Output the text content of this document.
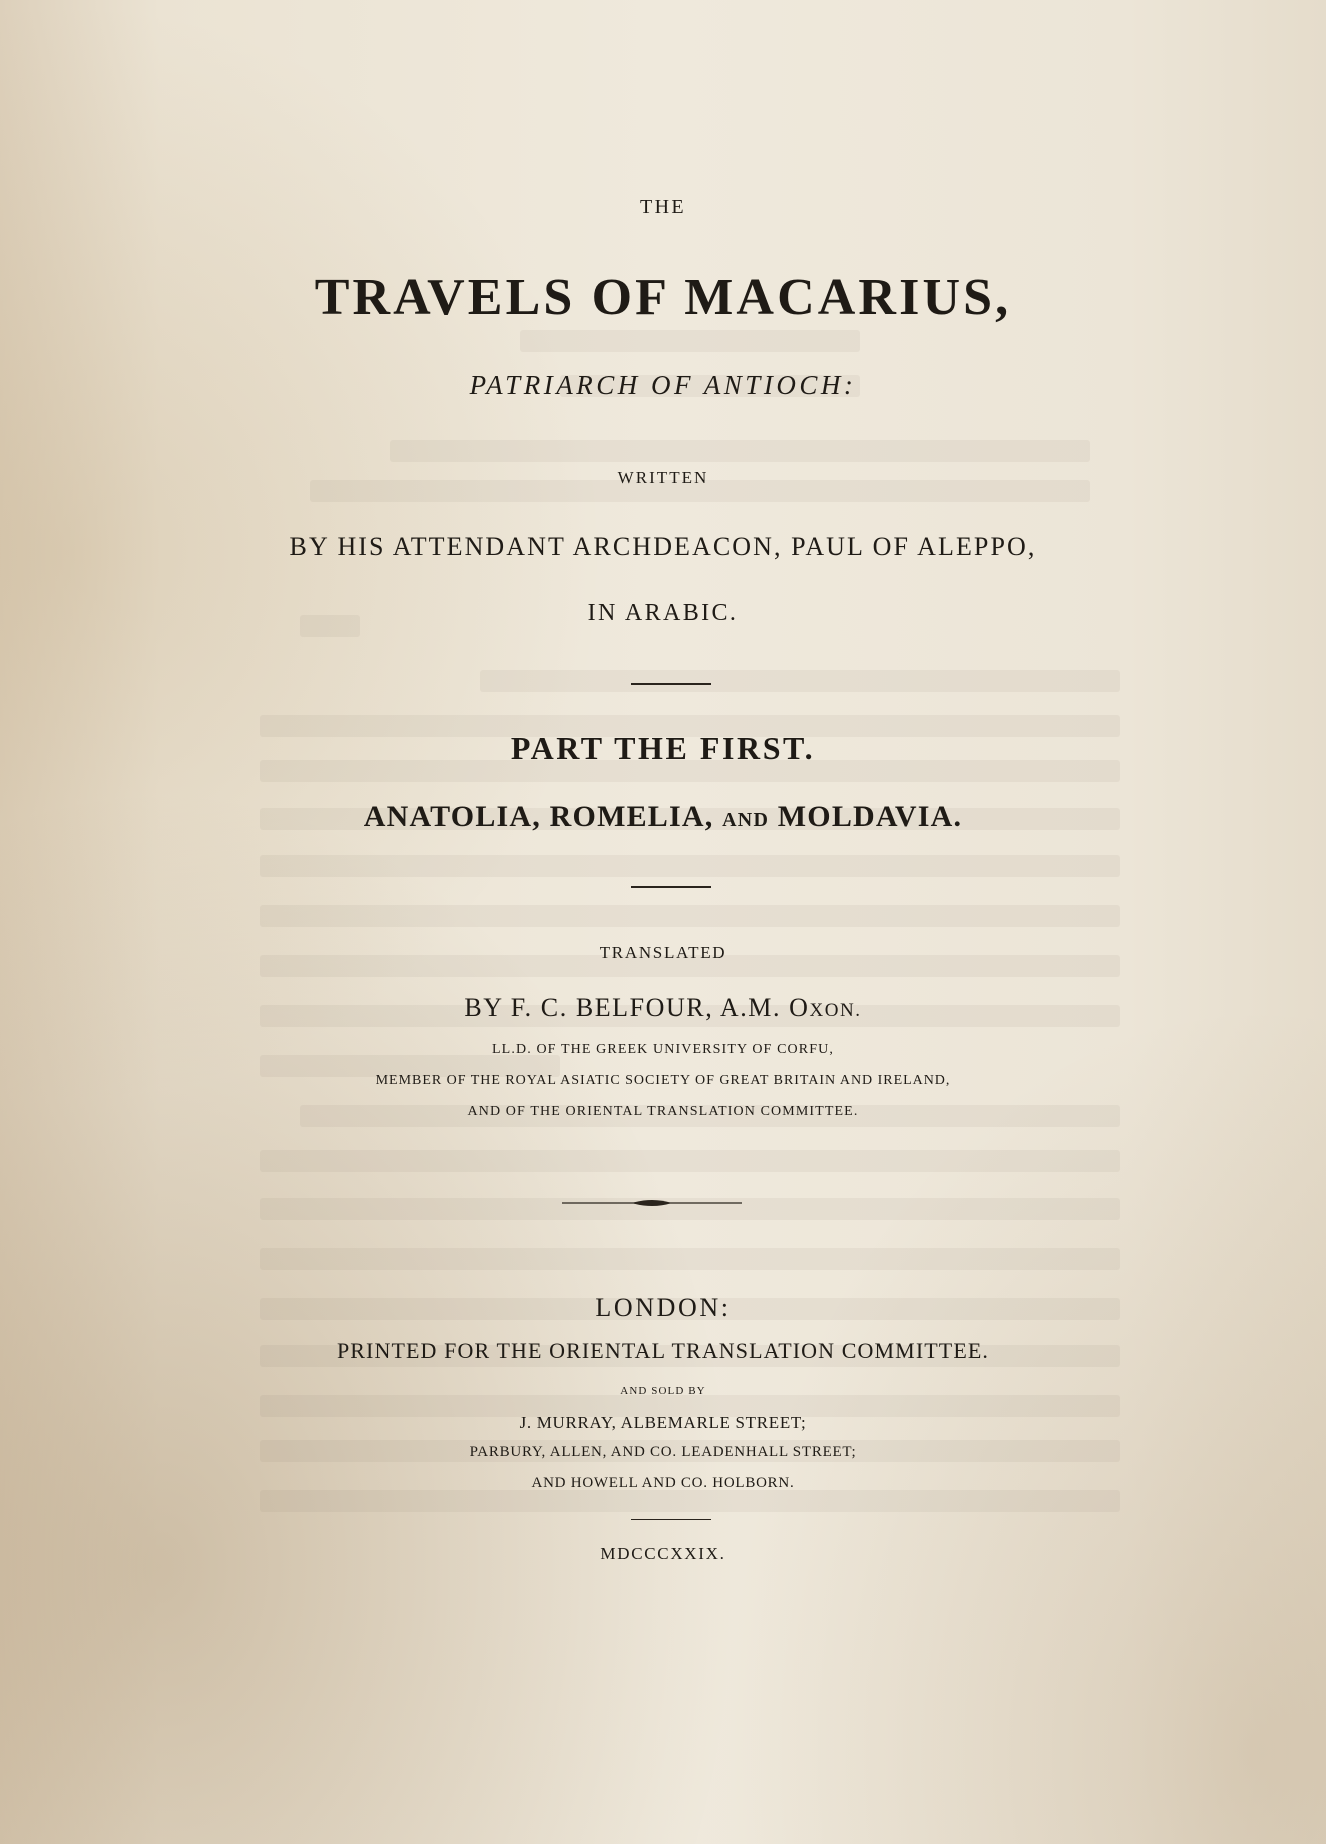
THE
TRAVELS OF MACARIUS,
PATRIARCH OF ANTIOCH:
WRITTEN
BY HIS ATTENDANT ARCHDEACON, PAUL OF ALEPPO,
IN ARABIC.
PART THE FIRST.
ANATOLIA, ROMELIA, AND MOLDAVIA.
TRANSLATED
BY F. C. BELFOUR, A.M. OXON.
LL.D. OF THE GREEK UNIVERSITY OF CORFU,
MEMBER OF THE ROYAL ASIATIC SOCIETY OF GREAT BRITAIN AND IRELAND,
AND OF THE ORIENTAL TRANSLATION COMMITTEE.
LONDON:
PRINTED FOR THE ORIENTAL TRANSLATION COMMITTEE.
AND SOLD BY
J. MURRAY, ALBEMARLE STREET;
PARBURY, ALLEN, AND CO. LEADENHALL STREET;
AND HOWELL AND CO. HOLBORN.
MDCCCXXIX.
